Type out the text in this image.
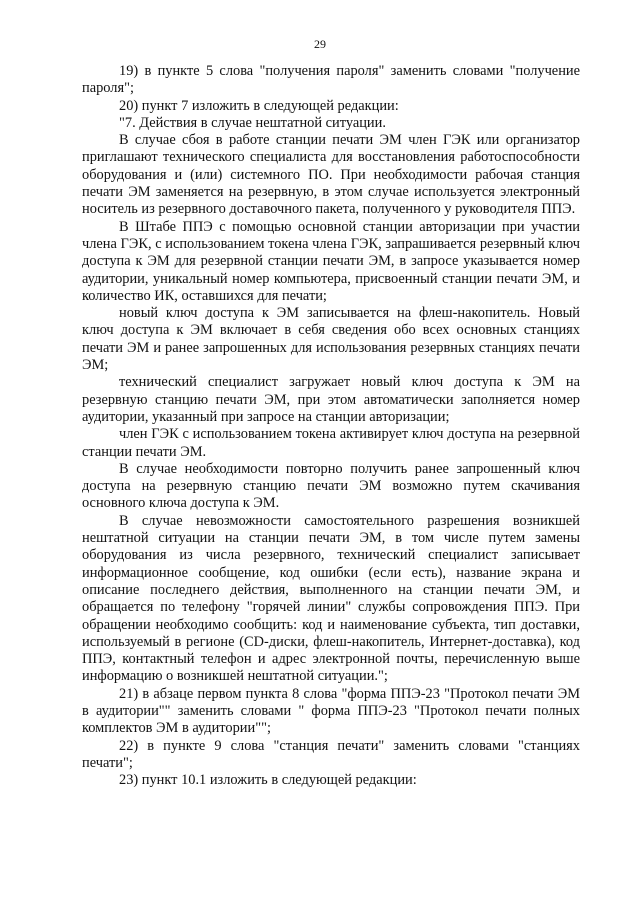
29

19) в пункте 5 слова "получения пароля" заменить словами "получение пароля";

20) пункт 7 изложить в следующей редакции:

"7. Действия в случае нештатной ситуации.

В случае сбоя в работе станции печати ЭМ член ГЭК или организатор приглашают технического специалиста для восстановления работоспособности оборудования и (или) системного ПО. При необходимости рабочая станция печати ЭМ заменяется на резервную, в этом случае используется электронный носитель из резервного доставочного пакета, полученного у руководителя ППЭ.

В Штабе ППЭ с помощью основной станции авторизации при участии члена ГЭК, с использованием токена члена ГЭК, запрашивается резервный ключ доступа к ЭМ для резервной станции печати ЭМ, в запросе указывается номер аудитории, уникальный номер компьютера, присвоенный станции печати ЭМ, и количество ИК, оставшихся для печати;

новый ключ доступа к ЭМ записывается на флеш-накопитель. Новый ключ доступа к ЭМ включает в себя сведения обо всех основных станциях печати ЭМ и ранее запрошенных для использования резервных станциях печати ЭМ;

технический специалист загружает новый ключ доступа к ЭМ на резервную станцию печати ЭМ, при этом автоматически заполняется номер аудитории, указанный при запросе на станции авторизации;

член ГЭК с использованием токена активирует ключ доступа на резервной станции печати ЭМ.

В случае необходимости повторно получить ранее запрошенный ключ доступа на резервную станцию печати ЭМ возможно путем скачивания основного ключа доступа к ЭМ.

В случае невозможности самостоятельного разрешения возникшей нештатной ситуации на станции печати ЭМ, в том числе путем замены оборудования из числа резервного, технический специалист записывает информационное сообщение, код ошибки (если есть), название экрана и описание последнего действия, выполненного на станции печати ЭМ, и обращается по телефону "горячей линии" службы сопровождения ППЭ. При обращении необходимо сообщить: код и наименование субъекта, тип доставки, используемый в регионе (CD-диски, флеш-накопитель, Интернет-доставка), код ППЭ, контактный телефон и адрес электронной почты, перечисленную выше информацию о возникшей нештатной ситуации.";

21) в абзаце первом пункта 8 слова "форма ППЭ-23 "Протокол печати ЭМ в аудитории"" заменить словами " форма ППЭ-23 "Протокол печати полных комплектов ЭМ в аудитории"";

22) в пункте 9 слова "станция печати" заменить словами "станциях печати";

23) пункт 10.1 изложить в следующей редакции:
